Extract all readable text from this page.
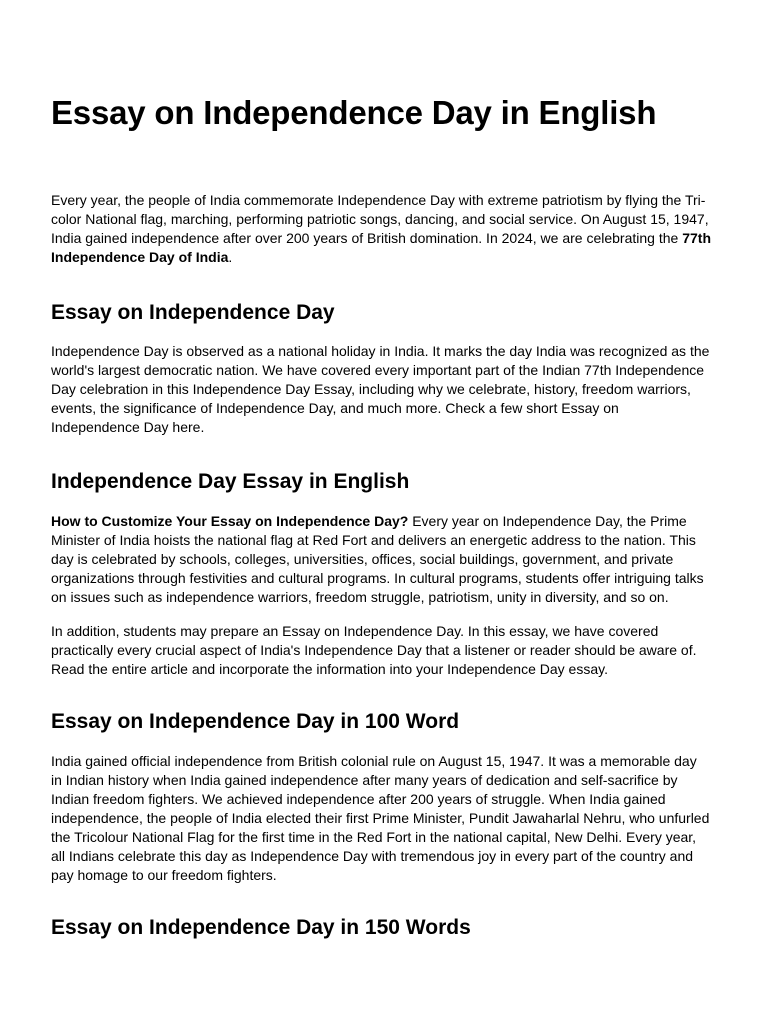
Essay on Independence Day in English

Every year, the people of India commemorate Independence Day with extreme patriotism by flying the Tri-color National flag, marching, performing patriotic songs, dancing, and social service. On August 15, 1947, India gained independence after over 200 years of British domination. In 2024, we are celebrating the 77th Independence Day of India.

Essay on Independence Day

Independence Day is observed as a national holiday in India. It marks the day India was recognized as the world's largest democratic nation. We have covered every important part of the Indian 77th Independence Day celebration in this Independence Day Essay, including why we celebrate, history, freedom warriors, events, the significance of Independence Day, and much more. Check a few short Essay on Independence Day here.

Independence Day Essay in English

How to Customize Your Essay on Independence Day? Every year on Independence Day, the Prime Minister of India hoists the national flag at Red Fort and delivers an energetic address to the nation. This day is celebrated by schools, colleges, universities, offices, social buildings, government, and private organizations through festivities and cultural programs. In cultural programs, students offer intriguing talks on issues such as independence warriors, freedom struggle, patriotism, unity in diversity, and so on.

In addition, students may prepare an Essay on Independence Day. In this essay, we have covered practically every crucial aspect of India's Independence Day that a listener or reader should be aware of. Read the entire article and incorporate the information into your Independence Day essay.

Essay on Independence Day in 100 Word

India gained official independence from British colonial rule on August 15, 1947. It was a memorable day in Indian history when India gained independence after many years of dedication and self-sacrifice by Indian freedom fighters. We achieved independence after 200 years of struggle. When India gained independence, the people of India elected their first Prime Minister, Pundit Jawaharlal Nehru, who unfurled the Tricolour National Flag for the first time in the Red Fort in the national capital, New Delhi. Every year, all Indians celebrate this day as Independence Day with tremendous joy in every part of the country and pay homage to our freedom fighters.

Essay on Independence Day in 150 Words
